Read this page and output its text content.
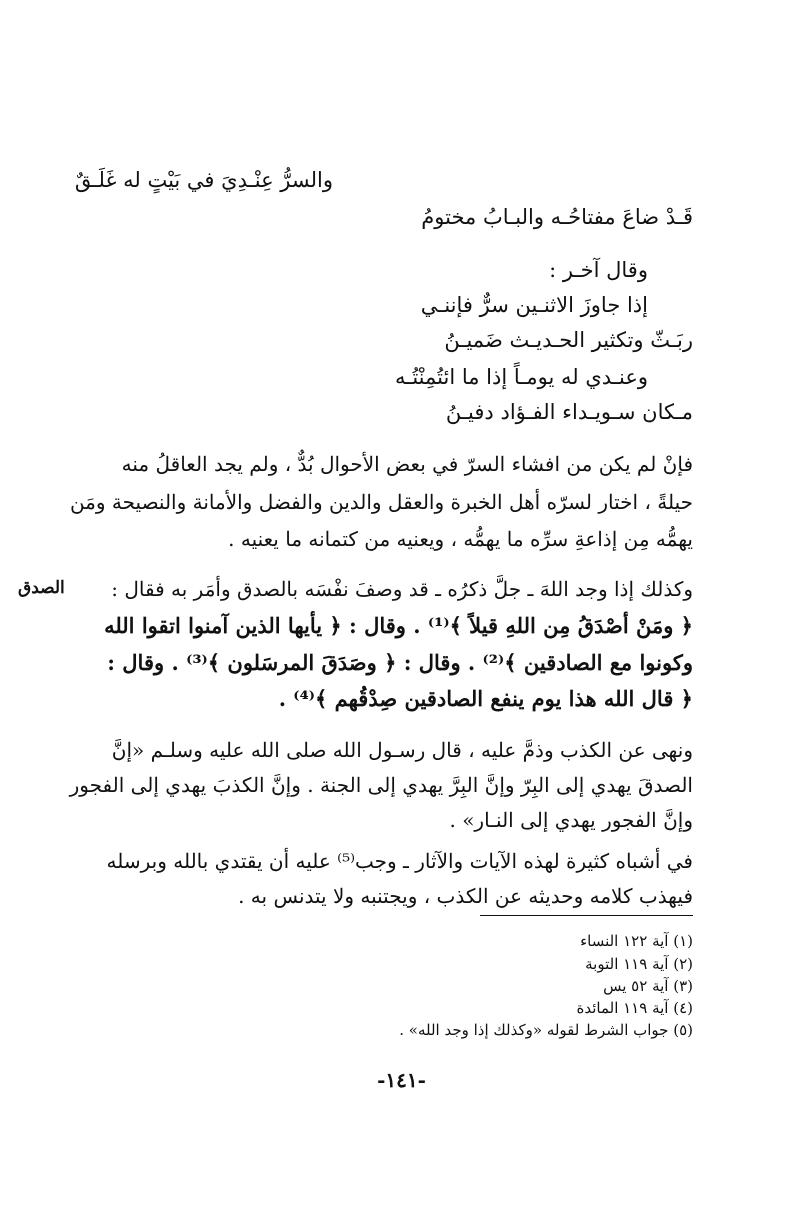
والسرُّ عِنْـدِيَ في بَيْتٍ له غَلَـقٌ
قَـدْ ضاعَ مفتاحُـه والبـابُ مختومُ
وقال آخـر :
إذا جاوزَ الاثنـين سرٌّ فإننـي
ربَـثّ وتكثير الحـديـث ضَميـنُ
وعنـدي له يومـاً إذا ما ائتُمِنْتُـه
مـكان سـويـداء الفـؤاد دفيـنُ
فإنْ لم يكن من افشاء السرّ في بعض الأحوال بُدٌّ ، ولم يجد العاقلُ منه
حيلةً ، اختار لسرّه أهل الخبرة والعقل والدين والفضل والأمانة والنصيحة ومَن
يهمُّه مِن إذاعةِ سرِّه ما يهمُّه ، ويعنيه من كتمانه ما يعنيه .
الصدق وكذلك إذا وجد اللهَ ـ جلَّ ذكرُه ـ قد وصفَ نفْسَه بالصدق وأمَر به فقال :
﴿ ومَنْ أصْدَقُ مِن اللهِ قيلاً ﴾⁽¹⁾ . وقال : ﴿ يأيها الذين آمنوا اتقوا الله
وكونوا مع الصادقين ﴾⁽²⁾ . وقال : ﴿ وصَدَقَ المرسَلون ﴾⁽³⁾ . وقال :
﴿ قال الله هذا يوم ينفع الصادقين صِدْقُهم ﴾⁽⁴⁾ .
ونهى عن الكذب وذمَّ عليه ، قال رسـول الله صلى الله عليه وسلـم «إنَّ
الصدقَ يهدي إلى البِرّ وإنَّ البِرَّ يهدي إلى الجنة . وإنَّ الكذبَ يهدي إلى الفجور
وإنَّ الفجور يهدي إلى النـار» .
في أشباه كثيرة لهذه الآيات والآثار ـ وجب⁽⁵⁾ عليه أن يقتدي بالله وبرسله
فيهذب كلامه وحديثه عن الكذب ، ويجتنبه ولا يتدنس به .
(١) آية ١٢٢ النساء
(٢) آية ١١٩ التوبة
(٣) آية ٥٢ يس
(٤) آية ١١٩ المائدة
(٥) جواب الشرط لقوله «وكذلك إذا وجد الله» .
-١٤١-
